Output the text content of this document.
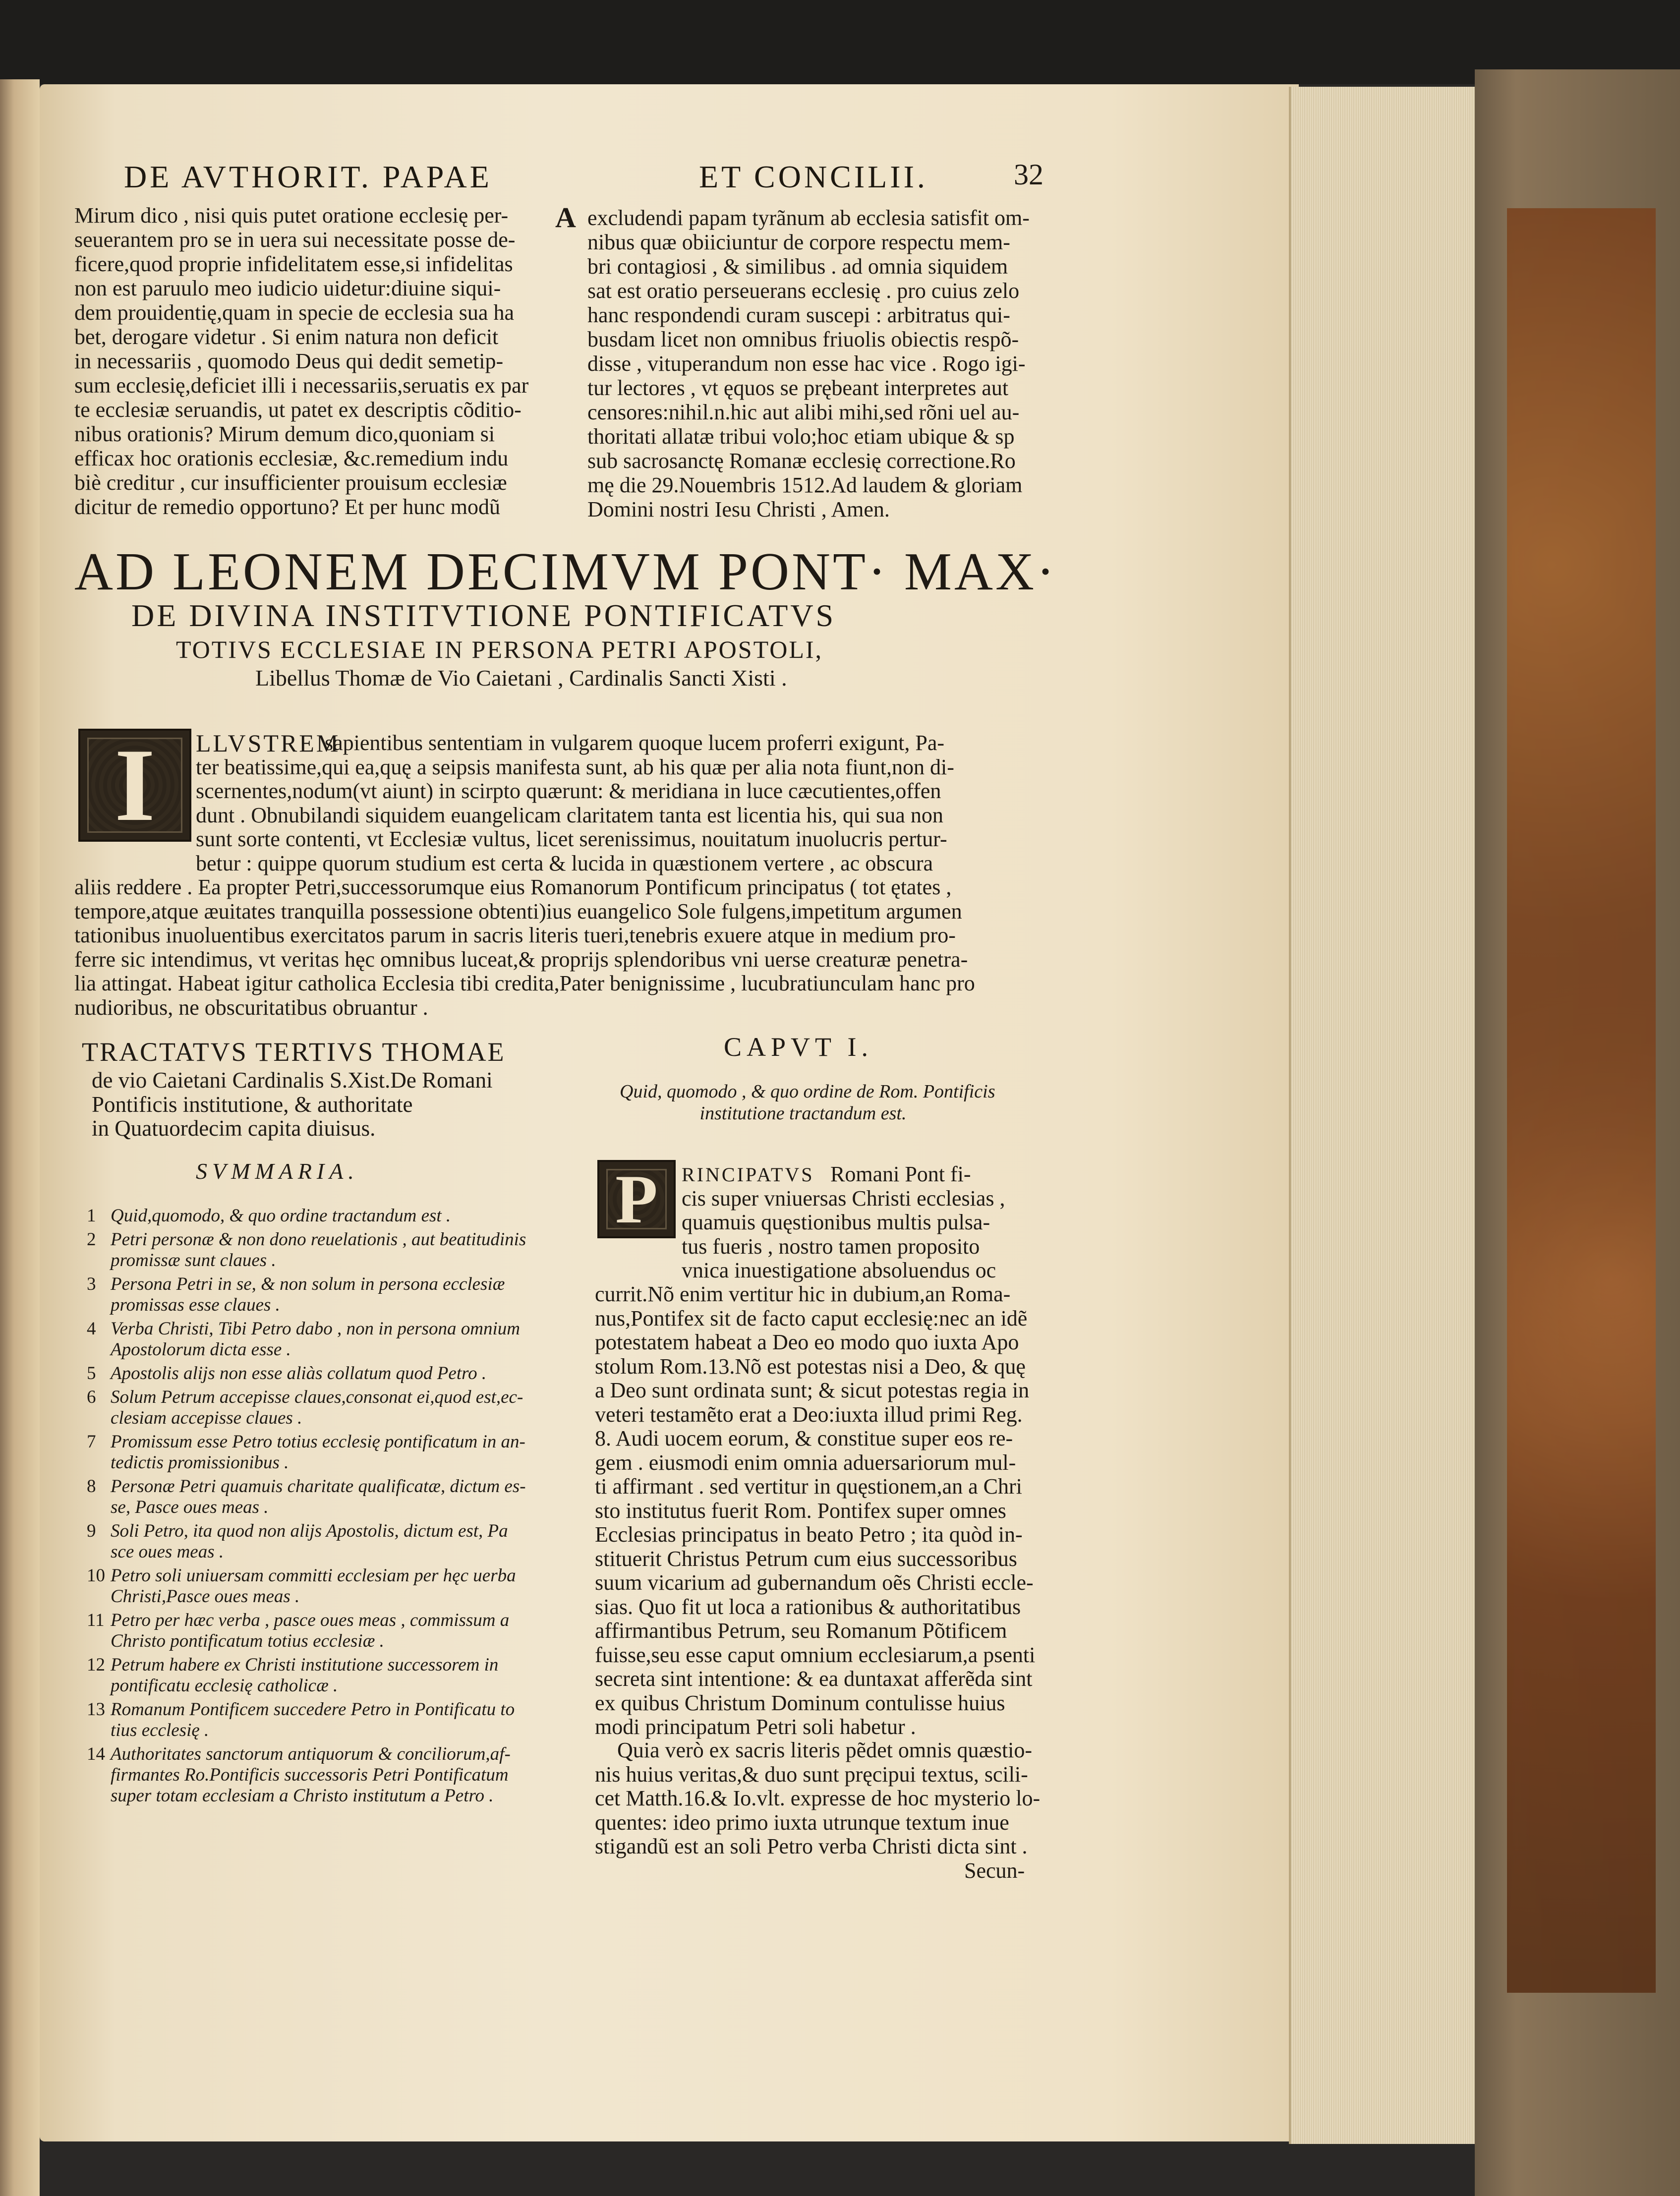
DE AVTHORIT. PAPAE	ET CONCILII.	32
Mirum dico , nisi quis putet oratione ecclesię per-
seuerantem pro se in uera sui necessitate posse de-
ficere,quod proprie infidelitatem esse,si infidelitas
non est paruulo meo iudicio uidetur:diuine siqui-
dem prouidentię,quam in specie de ecclesia sua ha
bet, derogare videtur . Si enim natura non deficit
in necessariis , quomodo Deus qui dedit semetip-
sum ecclesię,deficiet illi i necessariis,seruatis ex par
te ecclesiæ seruandis, ut patet ex descriptis cõditio-
nibus orationis? Mirum demum dico,quoniam si
efficax hoc orationis ecclesiæ, &c.remedium indu
biè creditur , cur insufficienter prouisum ecclesiæ
dicitur de remedio opportuno? Et per hunc modũ
A excludendi papam tyrãnum ab ecclesia satisfit om-
nibus quæ obiiciuntur de corpore respectu mem-
bri contagiosi , & similibus . ad omnia siquidem
sat est oratio perseuerans ecclesię . pro cuius zelo
hanc respondendi curam suscepi : arbitratus qui-
busdam licet non omnibus friuolis obiectis respõ-
disse , vituperandum non esse hac vice . Rogo igi-
tur lectores , vt ęquos se prębeant interpretes aut
censores:nihil.n.hic aut alibi mihi,sed rõni uel au-
thoritati allatæ tribui volo;hoc etiam ubique & sp
sub sacrosanctę Romanæ ecclesię correctione.Ro
mę die 29.Nouembris 1512.Ad laudem & gloriam
Domini nostri Iesu Christi , Amen.
AD LEONEM DECIMVM PONT· MAX·
DE DIVINA INSTITVTIONE PONTIFICATVS
TOTIVS ECCLESIAE IN PERSONA PETRI APOSTOLI,
Libellus Thomæ de Vio Caietani , Cardinalis Sancti Xisti .
I LLVSTREM
sapientibus sententiam in vulgarem quoque lucem proferri exigunt, Pa-
ter beatissime,qui ea,quę a seipsis manifesta sunt, ab his quæ per alia nota fiunt,non di-
scernentes,nodum(vt aiunt) in scirpto quærunt: & meridiana in luce cæcutientes,offen
dunt . Obnubilandi siquidem euangelicam claritatem tanta est licentia his, qui sua non
sunt sorte contenti, vt Ecclesiæ vultus, licet serenissimus, nouitatum inuolucris pertur-
betur : quippe quorum studium est certa & lucida in quæstionem vertere , ac obscura
aliis reddere . Ea propter Petri,successorumque eius Romanorum Pontificum principatus ( tot ętates ,
tempore,atque æuitates tranquilla possessione obtenti)ius euangelico Sole fulgens,impetitum argumen
tationibus inuoluentibus exercitatos parum in sacris literis tueri,tenebris exuere atque in medium pro-
ferre sic intendimus, vt veritas hęc omnibus luceat,& proprijs splendoribus vni uerse creaturæ penetra-
lia attingat. Habeat igitur catholica Ecclesia tibi credita,Pater benignissime , lucubratiunculam hanc pro
nudioribus, ne obscuritatibus obruantur .
TRACTATVS TERTIVS THOMAE
de vio Caietani Cardinalis S.Xist.De Romani
Pontificis institutione, & authoritate
in Quatuordecim capita diuisus.
SVMMARIA.
1 Quid,quomodo, & quo ordine tractandum est .
2 Petri personæ & non dono reuelationis , aut beatitudinis
promissæ sunt claues .
3 Persona Petri in se, & non solum in persona ecclesiæ
promissas esse claues .
4 Verba Christi, Tibi Petro dabo , non in persona omnium
Apostolorum dicta esse .
5 Apostolis alijs non esse aliàs collatum quod Petro .
6 Solum Petrum accepisse claues,consonat ei,quod est,ec-
clesiam accepisse claues .
7 Promissum esse Petro totius ecclesię pontificatum in an-
tedictis promissionibus .
8 Personæ Petri quamuis charitate qualificatæ, dictum es-
se, Pasce oues meas .
9 Soli Petro, ita quod non alijs Apostolis, dictum est, Pa
sce oues meas .
10 Petro soli uniuersam committi ecclesiam per hęc uerba
Christi,Pasce oues meas .
11 Petro per hæc verba , pasce oues meas , commissum a
Christo pontificatum totius ecclesiæ .
12 Petrum habere ex Christi institutione successorem in
pontificatu ecclesię catholicæ .
13 Romanum Pontificem succedere Petro in Pontificatu to
tius ecclesię .
14 Authoritates sanctorum antiquorum & conciliorum,af-
firmantes Ro.Pontificis successoris Petri Pontificatum
super totam ecclesiam a Christo institutum a Petro .
CAPVT I.
Quid, quomodo , & quo ordine de Rom. Pontificis
institutione tractandum est.
P RINCIPATVS Romani Pont fi-
cis super vniuersas Christi ecclesias ,
quamuis quęstionibus multis pulsa-
tus fueris , nostro tamen proposito
vnica inuestigatione absoluendus oc
currit.Nõ enim vertitur hic in dubium,an Roma-
nus,Pontifex sit de facto caput ecclesię:nec an idẽ
potestatem habeat a Deo eo modo quo iuxta Apo
stolum Rom.13.Nõ est potestas nisi a Deo, & quę
a Deo sunt ordinata sunt; & sicut potestas regia in
veteri testamẽto erat a Deo:iuxta illud primi Reg.
8. Audi uocem eorum, & constitue super eos re-
gem . eiusmodi enim omnia aduersariorum mul-
ti affirmant . sed vertitur in quęstionem,an a Chri
sto institutus fuerit Rom. Pontifex super omnes
Ecclesias principatus in beato Petro ; ita quòd in-
stituerit Christus Petrum cum eius successoribus
suum vicarium ad gubernandum oẽs Christi eccle-
sias. Quo fit ut loca a rationibus & authoritatibus
affirmantibus Petrum, seu Romanum Põtificem
fuisse,seu esse caput omnium ecclesiarum,a psenti
secreta sint intentione: & ea duntaxat afferẽda sint
ex quibus Christum Dominum contulisse huius
modi principatum Petri soli habetur .
Quia verò ex sacris literis pẽdet omnis quæstio-
nis huius veritas,& duo sunt pręcipui textus, scili-
cet Matth.16.& Io.vlt. expresse de hoc mysterio lo-
quentes: ideo primo iuxta utrunque textum inue
stigandũ est an soli Petro verba Christi dicta sint .
Secun-
